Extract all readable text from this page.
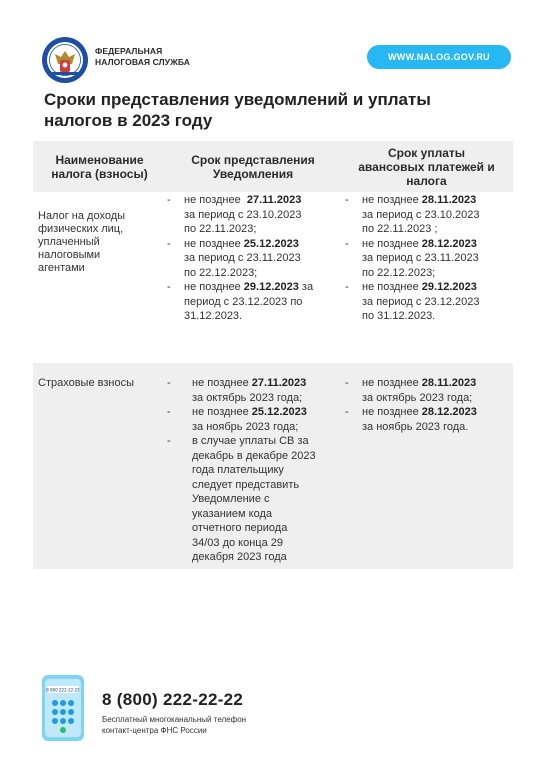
ФЕДЕРАЛЬНАЯ
НАЛОГОВАЯ СЛУЖБА	WWW.NALOG.GOV.RU
Сроки представления уведомлений и уплаты налогов в 2023 году
Наименование
налога (взносы)
Срок представления
Уведомления
Срок уплаты
авансовых платежей и
налога
Налог на доходы
физических лиц,
уплаченный
налоговыми
агентами
- не позднее 27.11.2023
за период с 23.10.2023
по 22.11.2023;
- не позднее 25.12.2023
за период с 23.11.2023
по 22.12.2023;
- не позднее 29.12.2023 за
период с 23.12.2023 по
31.12.2023.
- не позднее 28.11.2023
за период с 23.10.2023
по 22.11.2023 ;
- не позднее 28.12.2023
за период с 23.11.2023
по 22.12.2023;
- не позднее 29.12.2023
за период с 23.12.2023
по 31.12.2023.
Страховые взносы	- не позднее 27.11.2023
за октябрь 2023 года;
- не позднее 25.12.2023
за ноябрь 2023 года;
- в случае уплаты СВ за
декабрь в декабре 2023
года плательщику
следует представить
Уведомление с
указанием кода
отчетного периода
34/03 до конца 29
декабря 2023 года
- не позднее 28.11.2023
за октябрь 2023 года;
- не позднее 28.12.2023
за ноябрь 2023 года.
8 800 222-22-22 8 (800) 222-22-22
Бесплатный многоканальный телефон
контакт-центра ФНС России
